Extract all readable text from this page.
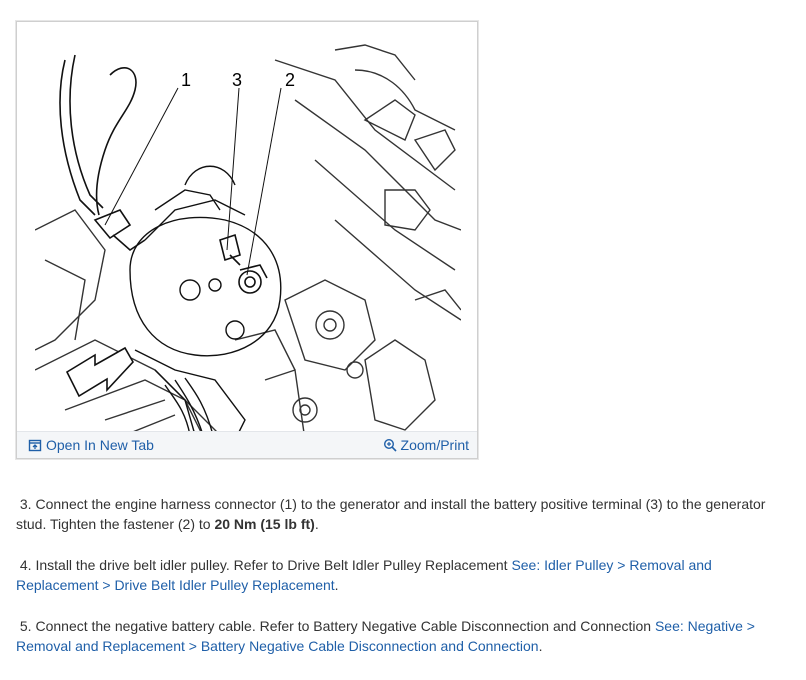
1 3 2
Open In New Tab	Zoom/Print

3. Connect the engine harness connector (1) to the generator and install the battery positive terminal (3) to the generator stud. Tighten the fastener (2) to 20 Nm (15 lb ft).

4. Install the drive belt idler pulley. Refer to Drive Belt Idler Pulley Replacement See: Idler Pulley > Removal and Replacement > Drive Belt Idler Pulley Replacement.

5. Connect the negative battery cable. Refer to Battery Negative Cable Disconnection and Connection See: Negative > Removal and Replacement > Battery Negative Cable Disconnection and Connection.
